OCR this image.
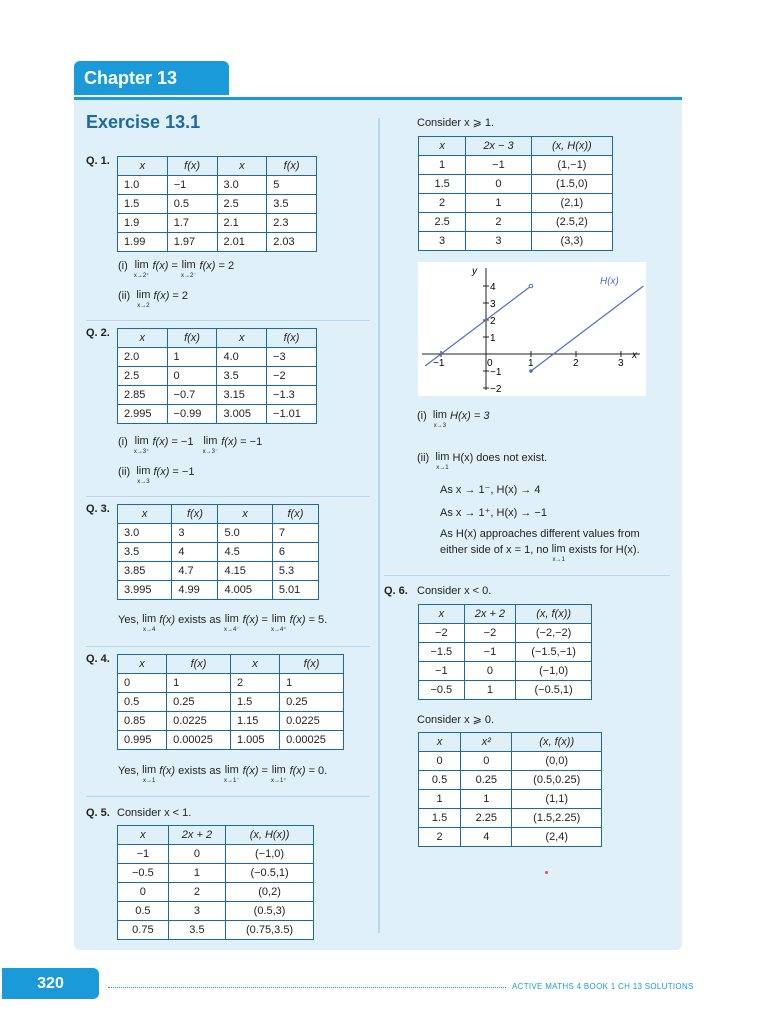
Chapter 13
Exercise 13.1
Q. 1.	x	f(x)	x	f(x)
1.0	−1	3.0	5
1.5	0.5	2.5	3.5
1.9	1.7	2.1	2.3
1.99	1.97	2.01	2.03
(i) lim
x→2⁺
f(x) = lim
x→2⁻
f(x) = 2
(ii) lim
x→2
f(x) = 2
Q. 2.	x	f(x)	x	f(x)
2.0	1	4.0	−3
2.5	0	3.5	−2
2.85	−0.7	3.15	−1.3
2.995	−0.99	3.005	−1.01
(i) lim
x→3⁺
f(x) = −1 lim
x→3⁻
f(x) = −1
(ii) lim
x→3
f(x) = −1
Q. 3.	x	f(x)	x	f(x)
3.0	3	5.0	7
3.5	4	4.5	6
3.85	4.7	4.15	5.3
3.995	4.99	4.005	5.01
Yes, lim
x→4
f(x) exists as lim
x→4⁻
f(x) = lim
x→4⁺
f(x) = 5.
Q. 4.	x	f(x)	x	f(x)
0	1	2	1
0.5	0.25	1.5	0.25
0.85	0.0225	1.15	0.0225
0.995	0.00025	1.005	0.00025
Yes, lim
x→1
f(x) exists as lim
x→1⁻
f(x) = lim
x→1⁺
f(x) = 0.
Q. 5. Consider x < 1.
x	2x + 2	(x, H(x))
−1	0	(−1,0)
−0.5	1	(−0.5,1)
0	2	(0,2)
0.5	3	(0.5,3)
0.75	3.5	(0.75,3.5)
Consider x ⩾ 1.
x	2x − 3	(x, H(x))
1	−1	(1,−1)
1.5	0	(1.5,0)
2	1	(2,1)
2.5	2	(2.5,2)
3	3	(3,3)
x
y
−1	0	1	2	3
4
3
2
1
−1
−2
H(x)
(i) lim
x→3
H(x) = 3
(ii) lim
x→1
H(x) does not exist.
As x → 1⁻, H(x) → 4
As x → 1⁺, H(x) → −1
As H(x) approaches different values from
either side of x = 1, no lim
x→1
exists for H(x).
Q. 6. Consider x < 0.
x	2x + 2	(x, f(x))
−2	−2	(−2,−2)
−1.5	−1	(−1.5,−1)
−1	0	(−1,0)
−0.5	1	(−0.5,1)
Consider x ⩾ 0.
x	x²	(x, f(x))
0	0	(0,0)
0.5	0.25	(0.5,0.25)
1	1	(1,1)
1.5	2.25	(1.5,2.25)
2	4	(2,4)
320	ACTIVE MATHS 4 BOOK 1 CH 13 SOLUTIONS
